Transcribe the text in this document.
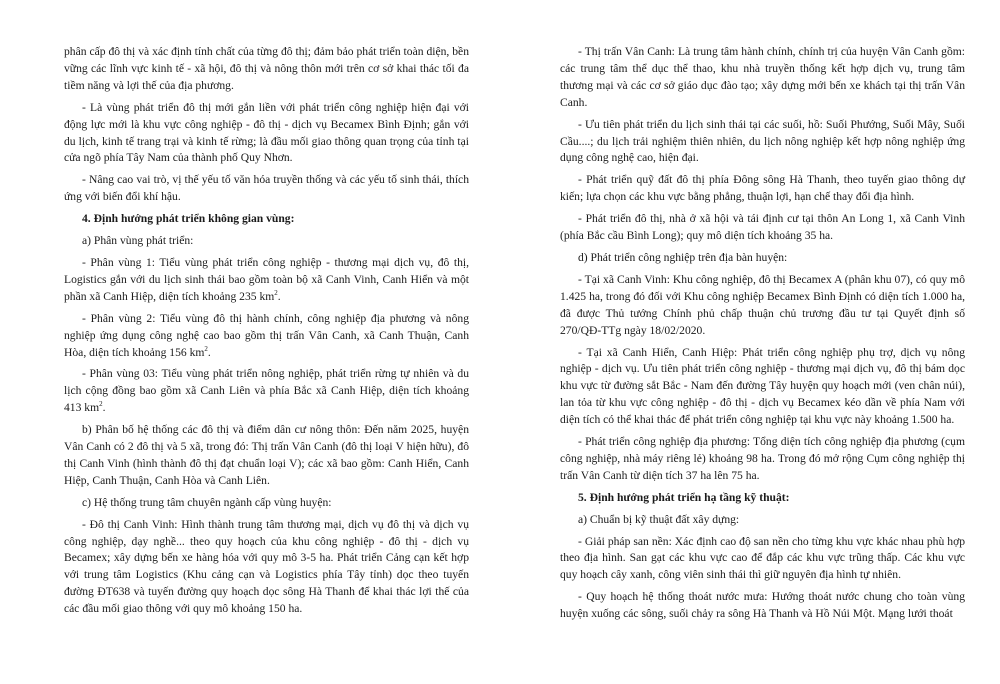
phân cấp đô thị và xác định tính chất của từng đô thị; đảm bảo phát triển toàn diện, bền vững các lĩnh vực kinh tế - xã hội, đô thị và nông thôn mới trên cơ sở khai thác tối đa tiềm năng và lợi thế của địa phương.

- Là vùng phát triển đô thị mới gắn liền với phát triển công nghiệp hiện đại với động lực mới là khu vực công nghiệp - đô thị - dịch vụ Becamex Bình Định; gắn với du lịch, kinh tế trang trại và kinh tế rừng; là đầu mối giao thông quan trọng của tỉnh tại cửa ngõ phía Tây Nam của thành phố Quy Nhơn.

- Nâng cao vai trò, vị thế yếu tố văn hóa truyền thống và các yếu tố sinh thái, thích ứng với biến đổi khí hậu.

4. Định hướng phát triển không gian vùng:

a) Phân vùng phát triển:

- Phân vùng 1: Tiểu vùng phát triển công nghiệp - thương mại dịch vụ, đô thị, Logistics gắn với du lịch sinh thái bao gồm toàn bộ xã Canh Vinh, Canh Hiển và một phần xã Canh Hiệp, diện tích khoảng 235 $km^2$.

- Phân vùng 2: Tiểu vùng đô thị hành chính, công nghiệp địa phương và nông nghiệp ứng dụng công nghệ cao bao gồm thị trấn Vân Canh, xã Canh Thuận, Canh Hòa, diện tích khoảng 156 $km^2$.

- Phân vùng 03: Tiểu vùng phát triển nông nghiệp, phát triển rừng tự nhiên và du lịch cộng đồng bao gồm xã Canh Liên và phía Bắc xã Canh Hiệp, diện tích khoảng 413 $km^2$.

b) Phân bố hệ thống các đô thị và điểm dân cư nông thôn: Đến năm 2025, huyện Vân Canh có 2 đô thị và 5 xã, trong đó: Thị trấn Vân Canh (đô thị loại V hiện hữu), đô thị Canh Vinh (hình thành đô thị đạt chuẩn loại V); các xã bao gồm: Canh Hiển, Canh Hiệp, Canh Thuận, Canh Hòa và Canh Liên.

c) Hệ thống trung tâm chuyên ngành cấp vùng huyện:

- Đô thị Canh Vinh: Hình thành trung tâm thương mại, dịch vụ đô thị và dịch vụ công nghiệp, dạy nghề... theo quy hoạch của khu công nghiệp - đô thị - dịch vụ Becamex; xây dựng bến xe hàng hóa với quy mô 3-5 ha. Phát triển Cảng cạn kết hợp với trung tâm Logistics (Khu cảng cạn và Logistics phía Tây tỉnh) dọc theo tuyến đường ĐT638 và tuyến đường quy hoạch dọc sông Hà Thanh để khai thác lợi thế của các đầu mối giao thông với quy mô khoảng 150 ha.

- Thị trấn Vân Canh: Là trung tâm hành chính, chính trị của huyện Vân Canh gồm: các trung tâm thể dục thể thao, khu nhà truyền thống kết hợp dịch vụ, trung tâm thương mại và các cơ sở giáo dục đào tạo; xây dựng mới bến xe khách tại thị trấn Vân Canh.

- Ưu tiên phát triển du lịch sinh thái tại các suối, hồ: Suối Phướng, Suối Mây, Suối Cầu....; du lịch trải nghiệm thiên nhiên, du lịch nông nghiệp kết hợp nông nghiệp ứng dụng công nghệ cao, hiện đại.

- Phát triển quỹ đất đô thị phía Đông sông Hà Thanh, theo tuyến giao thông dự kiến; lựa chọn các khu vực bằng phẳng, thuận lợi, hạn chế thay đổi địa hình.

- Phát triển đô thị, nhà ở xã hội và tái định cư tại thôn An Long 1, xã Canh Vinh (phía Bắc cầu Bình Long); quy mô diện tích khoảng 35 ha.

d) Phát triển công nghiệp trên địa bàn huyện:

- Tại xã Canh Vinh: Khu công nghiệp, đô thị Becamex A (phân khu 07), có quy mô 1.425 ha, trong đó đối với Khu công nghiệp Becamex Bình Định có diện tích 1.000 ha, đã được Thủ tướng Chính phủ chấp thuận chủ trương đầu tư tại Quyết định số 270/QĐ-TTg ngày 18/02/2020.

- Tại xã Canh Hiển, Canh Hiệp: Phát triển công nghiệp phụ trợ, dịch vụ nông nghiệp - dịch vụ. Ưu tiên phát triển công nghiệp - thương mại dịch vụ, đô thị bám dọc khu vực từ đường sắt Bắc - Nam đến đường Tây huyện quy hoạch mới (ven chân núi), lan tỏa từ khu vực công nghiệp - đô thị - dịch vụ Becamex kéo dần về phía Nam với diện tích có thể khai thác để phát triển công nghiệp tại khu vực này khoảng 1.500 ha.

- Phát triển công nghiệp địa phương: Tổng diện tích công nghiệp địa phương (cụm công nghiệp, nhà máy riêng lẻ) khoảng 98 ha. Trong đó mở rộng Cụm công nghiệp thị trấn Vân Canh từ diện tích 37 ha lên 75 ha.

5. Định hướng phát triển hạ tầng kỹ thuật:

a) Chuẩn bị kỹ thuật đất xây dựng:

- Giải pháp san nền: Xác định cao độ san nền cho từng khu vực khác nhau phù hợp theo địa hình. San gạt các khu vực cao để đắp các khu vực trũng thấp. Các khu vực quy hoạch cây xanh, công viên sinh thái thì giữ nguyên địa hình tự nhiên.

- Quy hoạch hệ thống thoát nước mưa: Hướng thoát nước chung cho toàn vùng huyện xuống các sông, suối chảy ra sông Hà Thanh và Hồ Núi Một. Mạng lưới thoát
